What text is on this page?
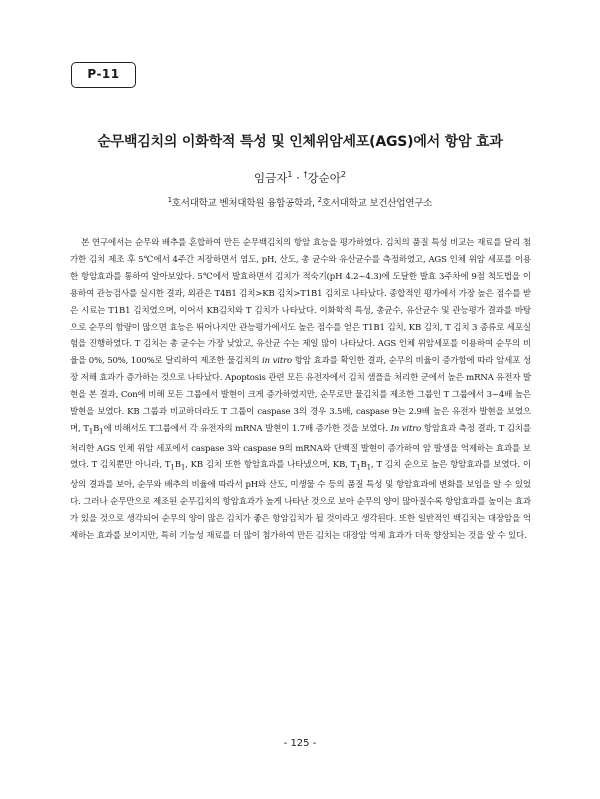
P-11
순무백김치의 이화학적 특성 및 인체위암세포(AGS)에서 항암 효과
임금자$^1$ · †강순아$^2$
$^1$호서대학교 벤처대학원 융합공학과, $^2$호서대학교 보건산업연구소

본 연구에서는 순무와 배추를 혼합하여 만든 순무백김치의 항암 효능을 평가하였다. 김치의 품질 특성 비교는 재료를 달리 첨가한 김치 제조 후 5℃에서 4주간 저장하면서 염도, pH, 산도, 총 균수와 유산균수를 측정하였고, AGS 인체 위암 세포를 이용한 항암효과를 통하여 알아보았다. 5℃에서 발효하면서 김치가 적숙기(pH 4.2~4.3)에 도달한 발효 3주차에 9점 척도법을 이용하여 관능검사를 실시한 결과, 외관은 T4B1 김치>KB 김치>T1B1 김치로 나타났다. 종합적인 평가에서 가장 높은 점수를 받은 시료는 T1B1 김치였으며, 이어서 KB김치와 T 김치가 나타났다. 이화학적 특성, 총균수, 유산균수 및 관능평가 결과를 바탕으로 순무의 함량이 많으면 효능은 뛰어나지만 관능평가에서도 높은 점수를 얻은 T1B1 김치, KB 김치, T 김치 3 종류로 세포실험을 진행하였다. T 김치는 총 균수는 가장 낮았고, 유산균 수는 제일 많이 나타났다. AGS 인체 위암세포를 이용하여 순무의 비율을 0%, 50%, 100%로 달리하여 제조한 물김치의 in vitro 항암 효과를 확인한 결과, 순무의 비율이 증가함에 따라 암세포 성장 저해 효과가 증가하는 것으로 나타났다. Apoptosis 관련 모든 유전자에서 김치 샘플을 처리한 군에서 높은 mRNA 유전자 발현을 본 결과, Con에 비해 모든 그룹에서 발현이 크게 증가하였지만, 순무로만 물김치를 제조한 그룹인 T 그룹에서 3~4배 높은 발현을 보였다. KB 그룹과 비교하더라도 T 그룹이 caspase 3의 경우 3.5배, caspase 9는 2.9배 높은 유전자 발현을 보였으며, $T_1B_1$에 비해서도 T그룹에서 각 유전자의 mRNA 발현이 1.7배 증가한 것을 보였다. In vitro 항암효과 측정 결과, T 김치를 처리한 AGS 인체 위암 세포에서 caspase 3와 caspase 9의 mRNA와 단백질 발현이 증가하여 암 발생을 억제하는 효과를 보였다. T 김치뿐만 아니라, $T_1B_1$, KB 김치 또한 항암효과를 나타냈으며, KB, $T_1B_1$, T 김치 순으로 높은 항암효과를 보였다. 이상의 결과를 보아, 순무와 배추의 비율에 따라서 pH와 산도, 미생물 수 등의 품질 특성 및 항암효과에 변화를 보임을 알 수 있었다. 그러나 순무만으로 제조된 순무김치의 항암효과가 높게 나타난 것으로 보아 순무의 양이 많아질수록 항암효과를 높이는 효과가 있을 것으로 생각되어 순무의 양이 많은 김치가 좋은 항암김치가 될 것이라고 생각된다. 또한 일반적인 백김치는 대장암을 억제하는 효과를 보이지만, 특히 기능성 재료를 더 많이 첨가하여 만든 김치는 대장암 억제 효과가 더욱 향상되는 것을 알 수 있다.

- 125 -
